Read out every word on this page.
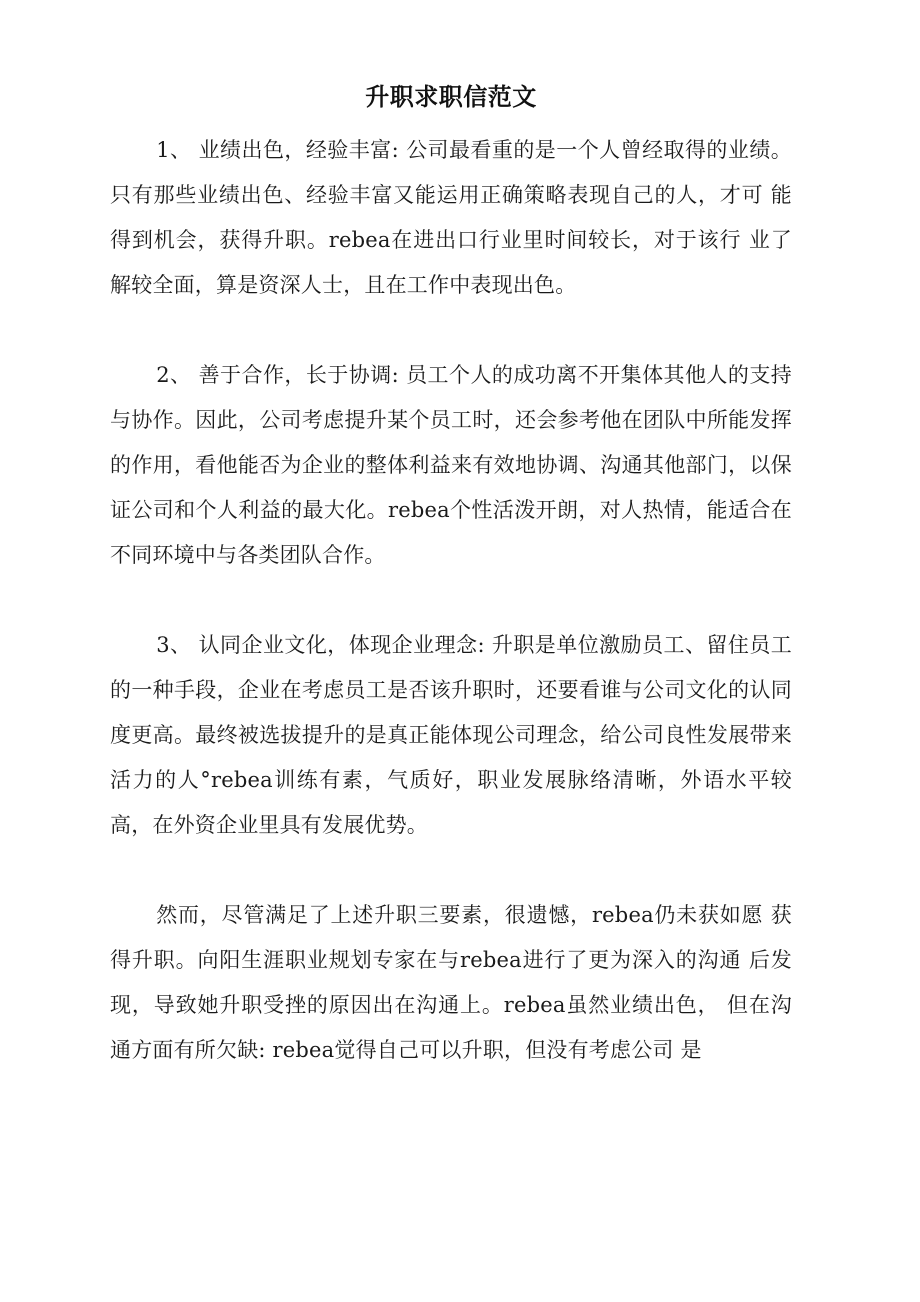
升职求职信范文

1、 业绩出色，经验丰富: 公司最看重的是一个人曾经取得的业绩。 只有那些业绩出色、经验丰富又能运用正确策略表现自己的人，才可 能得到机会，获得升职。rebea在进出口行业里时间较长，对于该行 业了解较全面，算是资深人士，且在工作中表现出色。

2、 善于合作，长于协调: 员工个人的成功离不开集体其他人的支持与协作。因此，公司考虑提升某个员工时，还会参考他在团队中所能发挥的作用，看他能否为企业的整体利益来有效地协调、沟通其他部门，以保证公司和个人利益的最大化。rebea个性活泼开朗，对人热情，能适合在不同环境中与各类团队合作。

3、 认同企业文化，体现企业理念: 升职是单位激励员工、留住员工的一种手段，企业在考虑员工是否该升职时，还要看谁与公司文化的认同度更高。最终被选拔提升的是真正能体现公司理念，给公司良性发展带来活力的人°rebea训练有素，气质好，职业发展脉络清晰，外语水平较高，在外资企业里具有发展优势。

然而，尽管满足了上述升职三要素，很遗憾，rebea仍未获如愿 获得升职。向阳生涯职业规划专家在与rebea进行了更为深入的沟通 后发现，导致她升职受挫的原因出在沟通上。rebea虽然业绩出色， 但在沟通方面有所欠缺: rebea觉得自己可以升职，但没有考虑公司 是
